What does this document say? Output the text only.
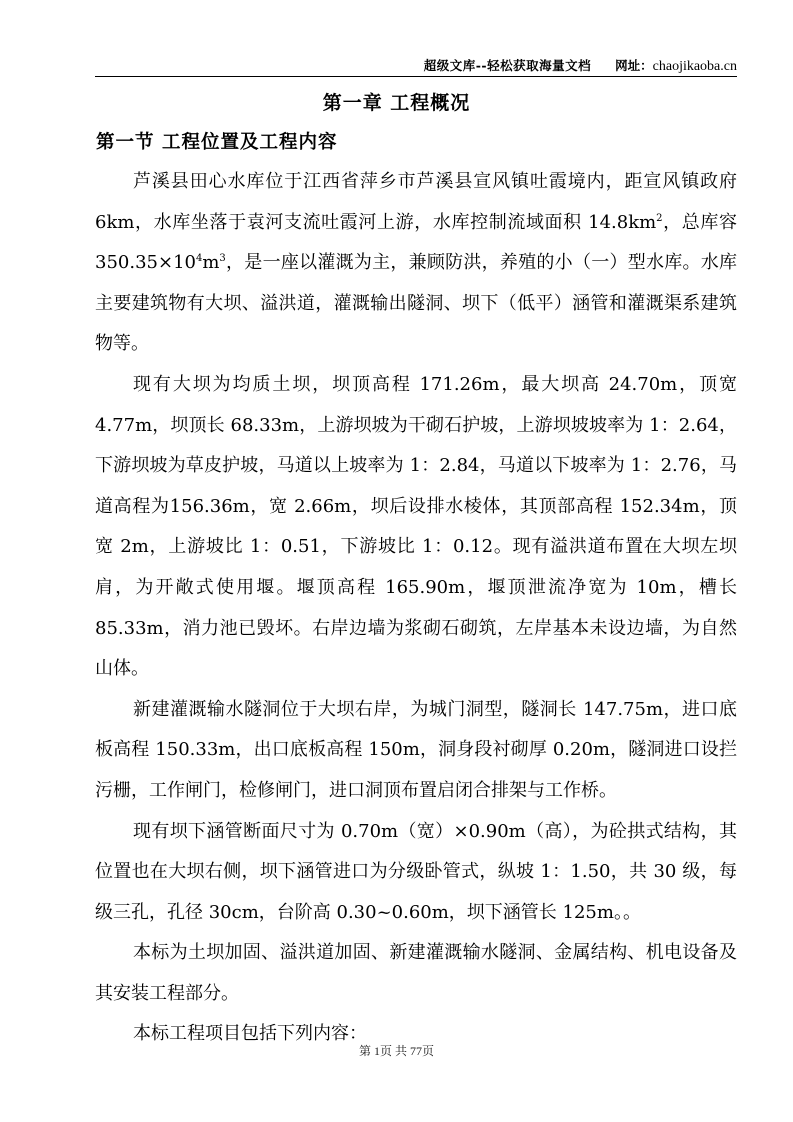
超级文库--轻松获取海量文档 网址：chaojikaoba.cn
第一章 工程概况
第一节 工程位置及工程内容

芦溪县田心水库位于江西省萍乡市芦溪县宣风镇吐霞境内，距宣风镇政府6km，水库坐落于袁河支流吐霞河上游，水库控制流域面积 $14.8km^2$，总库容$350.35\times 10^4m^3$，是一座以灌溉为主，兼顾防洪，养殖的小（一）型水库。水库主要建筑物有大坝、溢洪道，灌溉输出隧洞、坝下（低平）涵管和灌溉渠系建筑物等。

现有大坝为均质土坝，坝顶高程 171.26m，最大坝高 24.70m，顶宽 4.77m，坝顶长 68.33m，上游坝坡为干砌石护坡，上游坝坡坡率为 1：2.64，下游坝坡为草皮护坡，马道以上坡率为 1：2.84，马道以下坡率为 1：2.76，马道高程为156.36m，宽 2.66m，坝后设排水棱体，其顶部高程 152.34m，顶宽 2m，上游坡比 1：0.51，下游坡比 1：0.12。现有溢洪道布置在大坝左坝肩，为开敞式使用堰。堰顶高程 165.90m，堰顶泄流净宽为 10m，槽长 85.33m，消力池已毁坏。右岸边墙为浆砌石砌筑，左岸基本未设边墙，为自然山体。

新建灌溉输水隧洞位于大坝右岸，为城门洞型，隧洞长 147.75m，进口底板高程 150.33m，出口底板高程 150m，洞身段衬砌厚 0.20m，隧洞进口设拦污栅，工作闸门，检修闸门，进口洞顶布置启闭合排架与工作桥。

现有坝下涵管断面尺寸为 0.70m（宽）×0.90m（高），为砼拱式结构，其位置也在大坝右侧，坝下涵管进口为分级卧管式，纵坡 1：1.50，共 30 级，每级三孔，孔径 30cm，台阶高 0.30~0.60m，坝下涵管长 125m。。

本标为土坝加固、溢洪道加固、新建灌溉输水隧洞、金属结构、机电设备及其安装工程部分。

本标工程项目包括下列内容：

第 1页 共 77页
